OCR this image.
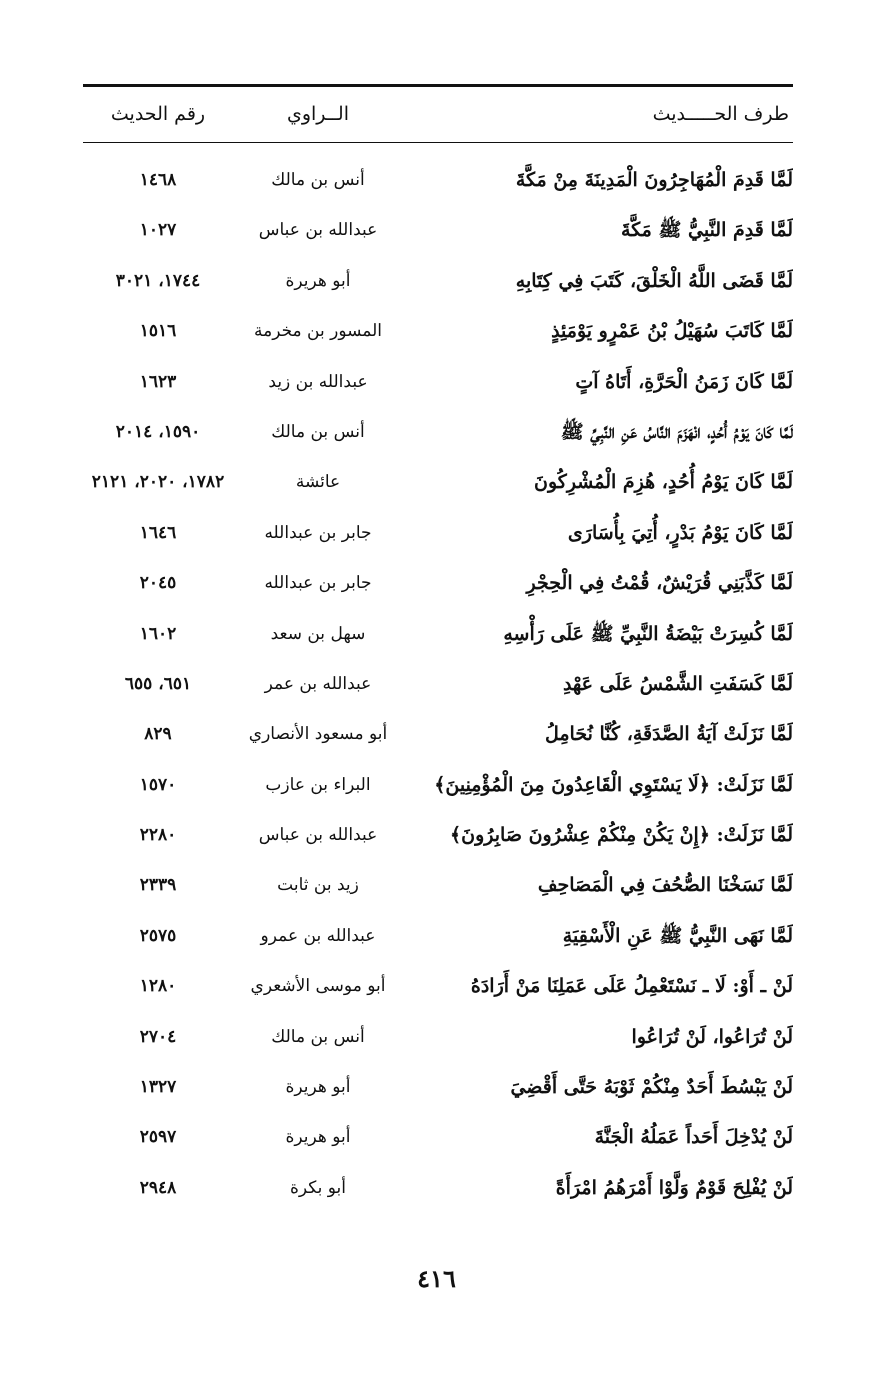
طرف الحـــــديث
الــراوي
رقم الحديث
لَمَّا قَدِمَ الْمُهَاجِرُونَ الْمَدِينَةَ مِنْ مَكَّةَ
أنس بن مالك
١٤٦٨
لَمَّا قَدِمَ النَّبِيُّ ﷺ مَكَّةَ
عبدالله بن عباس
١٠٢٧
لَمَّا قَضَى اللَّهُ الْخَلْقَ، كَتَبَ فِي كِتَابِهِ
أبو هريرة
١٧٤٤، ٣٠٢١
لَمَّا كَاتَبَ سُهَيْلُ بْنُ عَمْرٍو يَوْمَئِذٍ
المسور بن مخرمة
١٥١٦
لَمَّا كَانَ زَمَنُ الْحَرَّةِ، أَتَاهُ آتٍ
عبدالله بن زيد
١٦٢٣
لَمَّا كَانَ يَوْمُ أُحُدٍ، انْهَزَمَ النَّاسُ عَنِ النَّبِيِّ ﷺ
أنس بن مالك
١٥٩٠، ٢٠١٤
لَمَّا كَانَ يَوْمُ أُحُدٍ، هُزِمَ الْمُشْرِكُونَ
عائشة
١٧٨٢، ٢٠٢٠، ٢١٢١
لَمَّا كَانَ يَوْمُ بَدْرٍ، أُتِيَ بِأُسَارَى
جابر بن عبدالله
١٦٤٦
لَمَّا كَذَّبَنِي قُرَيْشٌ، قُمْتُ فِي الْحِجْرِ
جابر بن عبدالله
٢٠٤٥
لَمَّا كُسِرَتْ بَيْضَةُ النَّبِيِّ ﷺ عَلَى رَأْسِهِ
سهل بن سعد
١٦٠٢
لَمَّا كَسَفَتِ الشَّمْسُ عَلَى عَهْدِ
عبدالله بن عمر
٦٥١، ٦٥٥
لَمَّا نَزَلَتْ آيَةُ الصَّدَقَةِ، كُنَّا نُحَامِلُ
أبو مسعود الأنصاري
٨٢٩
لَمَّا نَزَلَتْ: ﴿لَا يَسْتَوِي الْقَاعِدُونَ مِنَ الْمُؤْمِنِينَ﴾
البراء بن عازب
١٥٧٠
لَمَّا نَزَلَتْ: ﴿إِنْ يَكُنْ مِنْكُمْ عِشْرُونَ صَابِرُونَ﴾
عبدالله بن عباس
٢٢٨٠
لَمَّا نَسَخْنَا الصُّحُفَ فِي الْمَصَاحِفِ
زيد بن ثابت
٢٣٣٩
لَمَّا نَهَى النَّبِيُّ ﷺ عَنِ الْأَسْقِيَةِ
عبدالله بن عمرو
٢٥٧٥
لَنْ ـ أَوْ: لَا ـ نَسْتَعْمِلُ عَلَى عَمَلِنَا مَنْ أَرَادَهُ
أبو موسى الأشعري
١٢٨٠
لَنْ تُرَاعُوا، لَنْ تُرَاعُوا
أنس بن مالك
٢٧٠٤
لَنْ يَبْسُطَ أَحَدٌ مِنْكُمْ ثَوْبَهُ حَتَّى أَقْضِيَ
أبو هريرة
١٣٢٧
لَنْ يُدْخِلَ أَحَداً عَمَلُهُ الْجَنَّةَ
أبو هريرة
٢٥٩٧
لَنْ يُفْلِحَ قَوْمٌ وَلَّوْا أَمْرَهُمُ امْرَأَةً
أبو بكرة
٢٩٤٨
٤١٦
